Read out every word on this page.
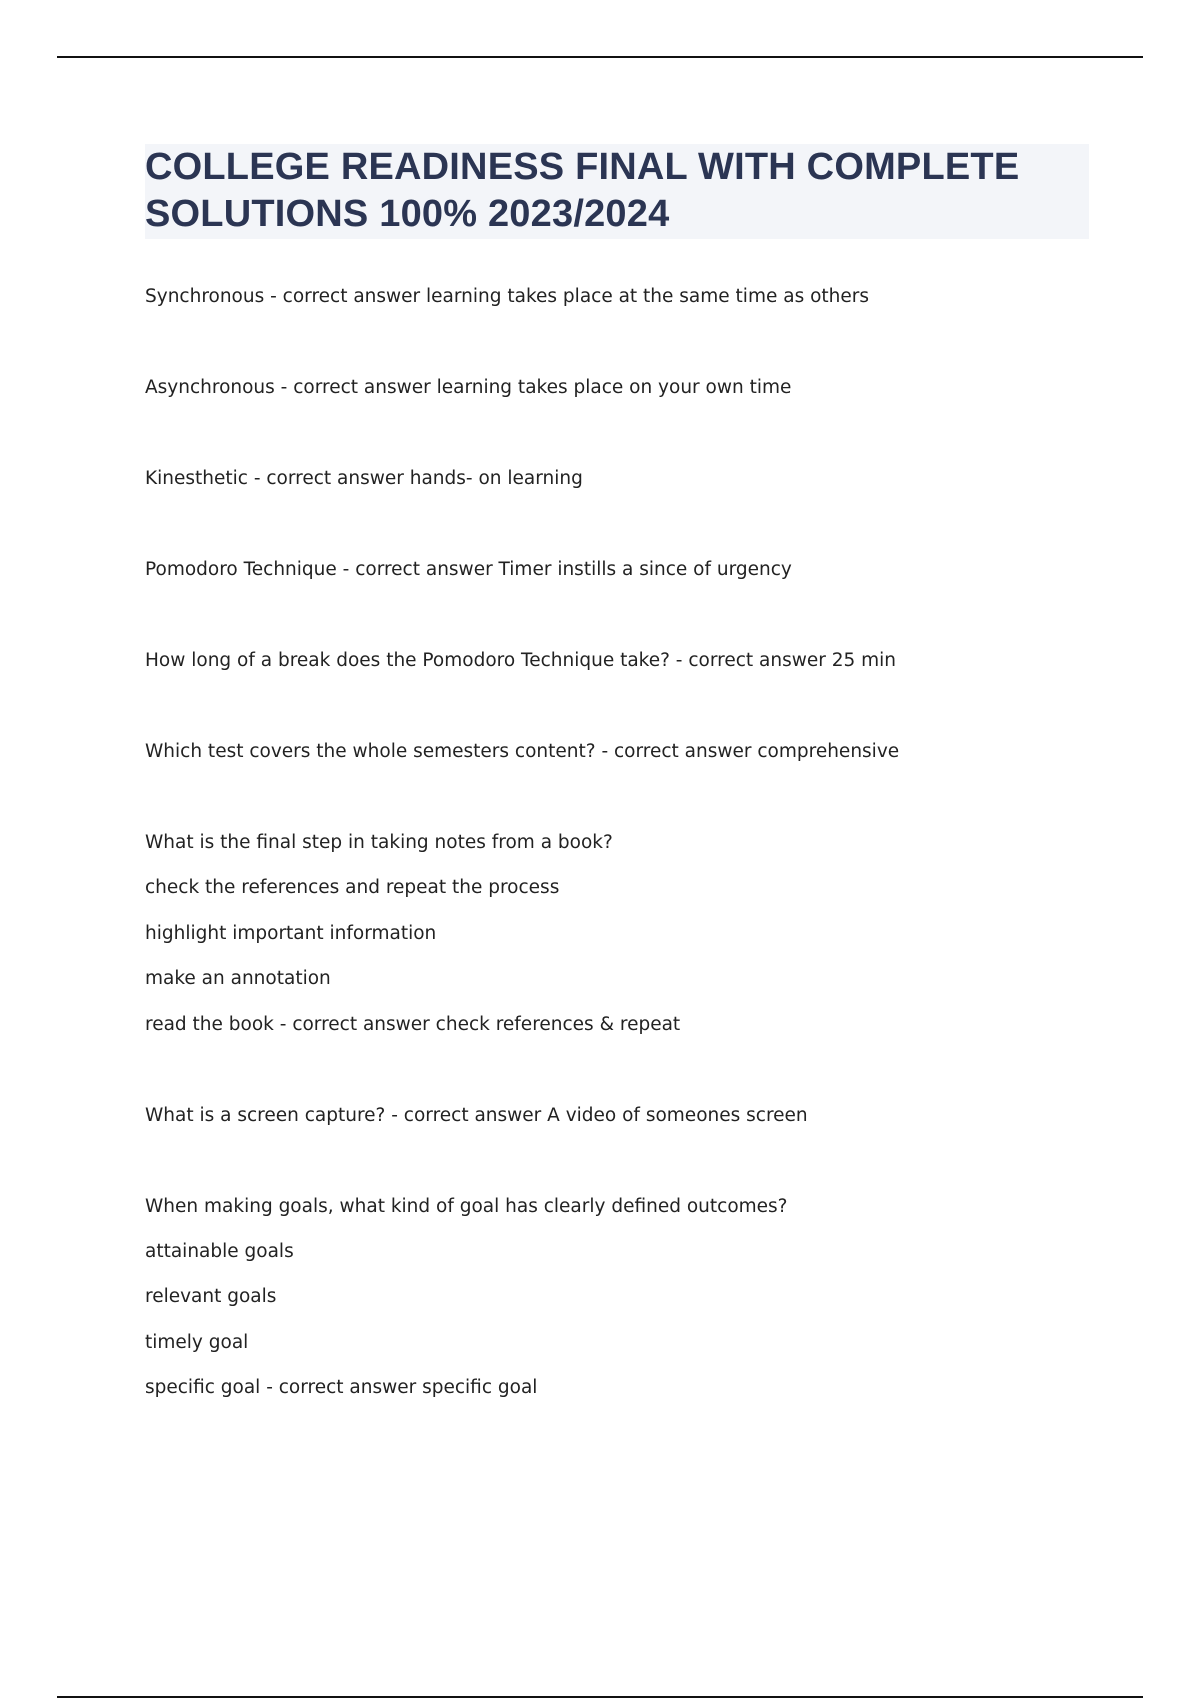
COLLEGE READINESS FINAL WITH COMPLETE SOLUTIONS 100% 2023/2024
Synchronous - correct answer learning takes place at the same time as others
Asynchronous - correct answer learning takes place on your own time
Kinesthetic - correct answer hands- on learning
Pomodoro Technique - correct answer Timer instills a since of urgency
How long of a break does the Pomodoro Technique take? - correct answer 25 min
Which test covers the whole semesters content? - correct answer comprehensive
What is the final step in taking notes from a book?
check the references and repeat the process
highlight important information
make an annotation
read the book - correct answer check references & repeat
What is a screen capture? - correct answer A video of someones screen
When making goals, what kind of goal has clearly defined outcomes?
attainable goals
relevant goals
timely goal
specific goal - correct answer specific goal
